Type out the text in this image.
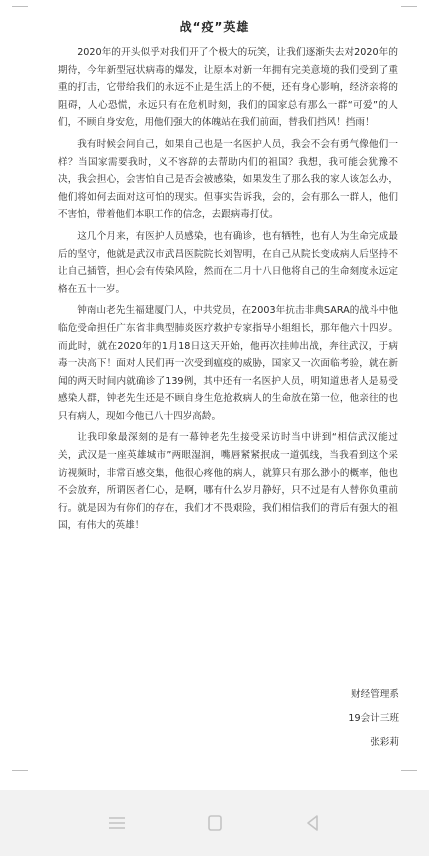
战“疫”英雄

2020年的开头似乎对我们开了个极大的玩笑，让我们逐渐失去对2020年的期待，今年新型冠状病毒的爆发，让原本对新一年拥有完美意境的我们受到了重重的打击，它带给我们的永远不止是生活上的不便，还有身心影响，经济亲将的阻碍，人心恐慌，永远只有在危机时刻，我们的国家总有那么一群“可爱”的人们，不顾自身安危，用他们强大的体魄站在我们前面，替我们挡风！挡雨！

我有时候会问自己，如果自己也是一名医护人员，我会不会有勇气像他们一样？当国家需要我时，义不容辞的去帮助内们的祖国？我想，我可能会犹豫不决，我会担心，会害怕自己是否会被感染，如果发生了那么我的家人该怎么办，他们将如何去面对这可怕的现实。但事实告诉我，会的，会有那么一群人，他们不害怕，带着他们本职工作的信念，去跟病毒打仗。

这几个月来，有医护人员感染，也有确诊，也有牺牲，也有人为生命完成最后的坚守，他就是武汉市武昌医院院长刘智明，在自己从院长变成病人后坚持不让自己插管，担心会有传染风险，然而在二月十八日他将自己的生命刻度永远定格在五十一岁。

钟南山老先生福建厦门人，中共党员，在2003年抗击非典SARA的战斗中他临危受命担任广东省非典型肺炎医疗救护专家指导小组组长，那年他六十四岁。而此时，就在2020年的1月18日这天开始，他再次挂帅出战，奔往武汉，于病毒一决高下！面对人民们再一次受到瘟疫的威胁，国家又一次面临考验，就在新闻的两天时间内就确诊了139例，其中还有一名医护人员，明知道患者人是易受感染人群，钟老先生还是不顾自身生危抢救病人的生命放在第一位，他亲往的也只有病人，现如今他已八十四岁高龄。

让我印象最深刻的是有一幕钟老先生接受采访时当中讲到“相信武汉能过关，武汉是一座英雄城市”两眼湿润，嘴唇紧紧抿成一道弧线，当我看到这个采访视频时，非常百感交集，他很心疼他的病人，就算只有那么渺小的概率，他也不会放弃，所谓医者仁心，是啊，哪有什么岁月静好，只不过是有人替你负重前行。就是因为有你们的存在，我们才不畏艰险，我们相信我们的背后有强大的祖国，有伟大的英雄！

财经管理系
19会计三班
张彩莉
